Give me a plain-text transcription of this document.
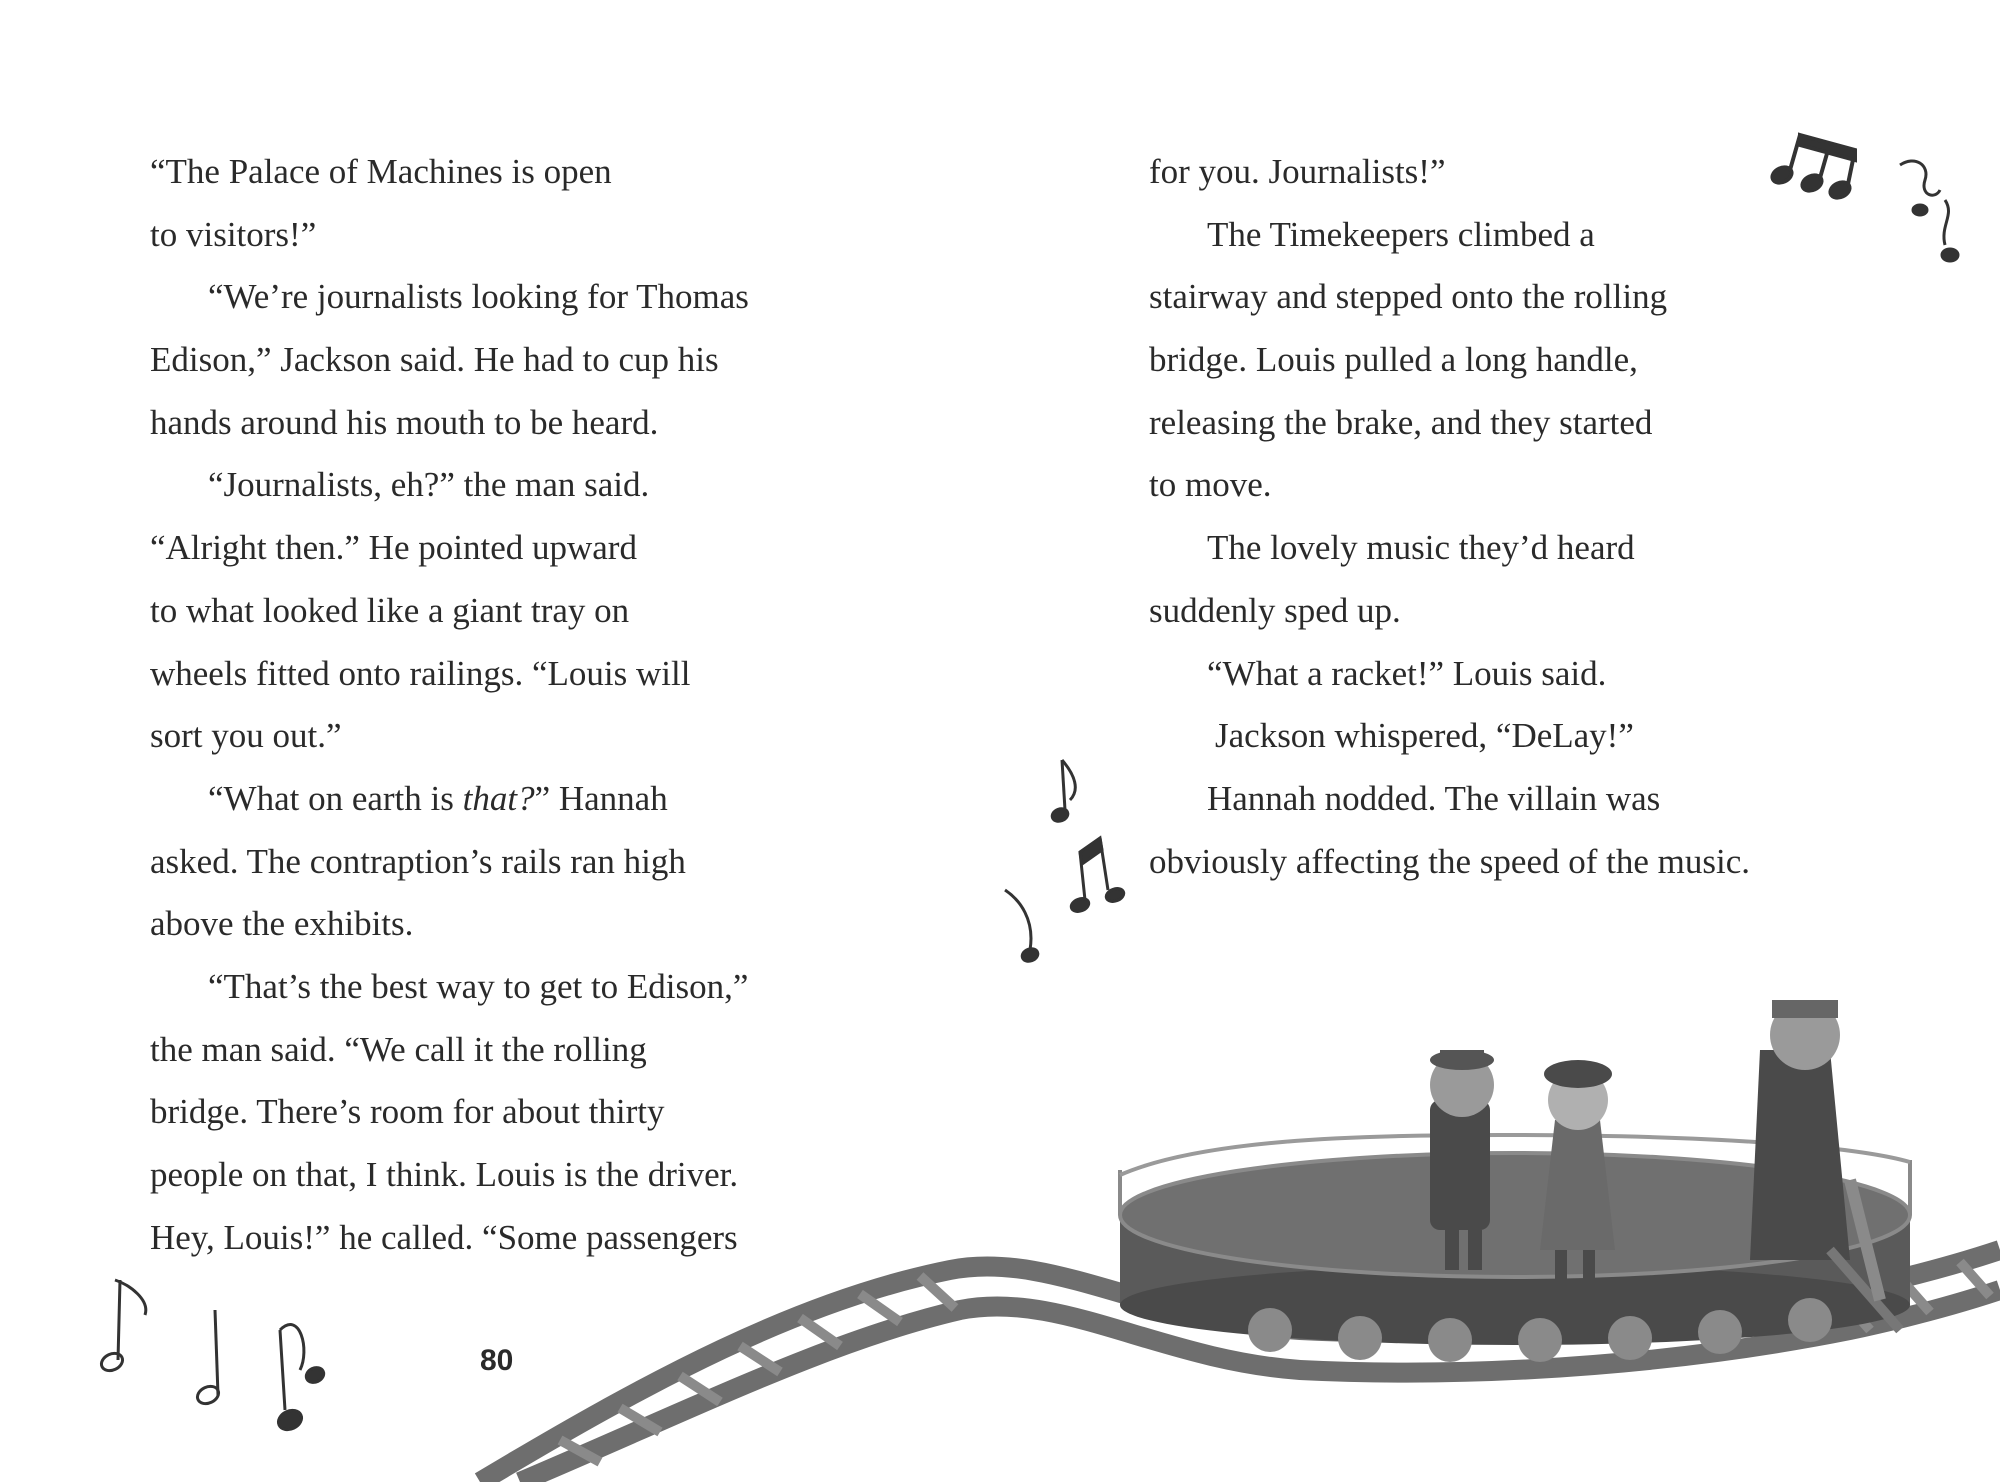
“The Palace of Machines is open
to visitors!”
“We’re journalists looking for Thomas
Edison,” Jackson said. He had to cup his
hands around his mouth to be heard.
“Journalists, eh?” the man said.
“Alright then.” He pointed upward
to what looked like a giant tray on
wheels fitted onto railings. “Louis will
sort you out.”
“What on earth is that?” Hannah
asked. The contraption’s rails ran high
above the exhibits.
“That’s the best way to get to Edison,”
the man said. “We call it the rolling
bridge. There’s room for about thirty
people on that, I think. Louis is the driver.
Hey, Louis!” he called. “Some passengers
for you. Journalists!”
The Timekeepers climbed a
stairway and stepped onto the rolling
bridge. Louis pulled a long handle,
releasing the brake, and they started
to move.
The lovely music they’d heard
suddenly sped up.
“What a racket!” Louis said.
Jackson whispered, “DeLay!”
Hannah nodded. The villain was
obviously affecting the speed of the music.
80
